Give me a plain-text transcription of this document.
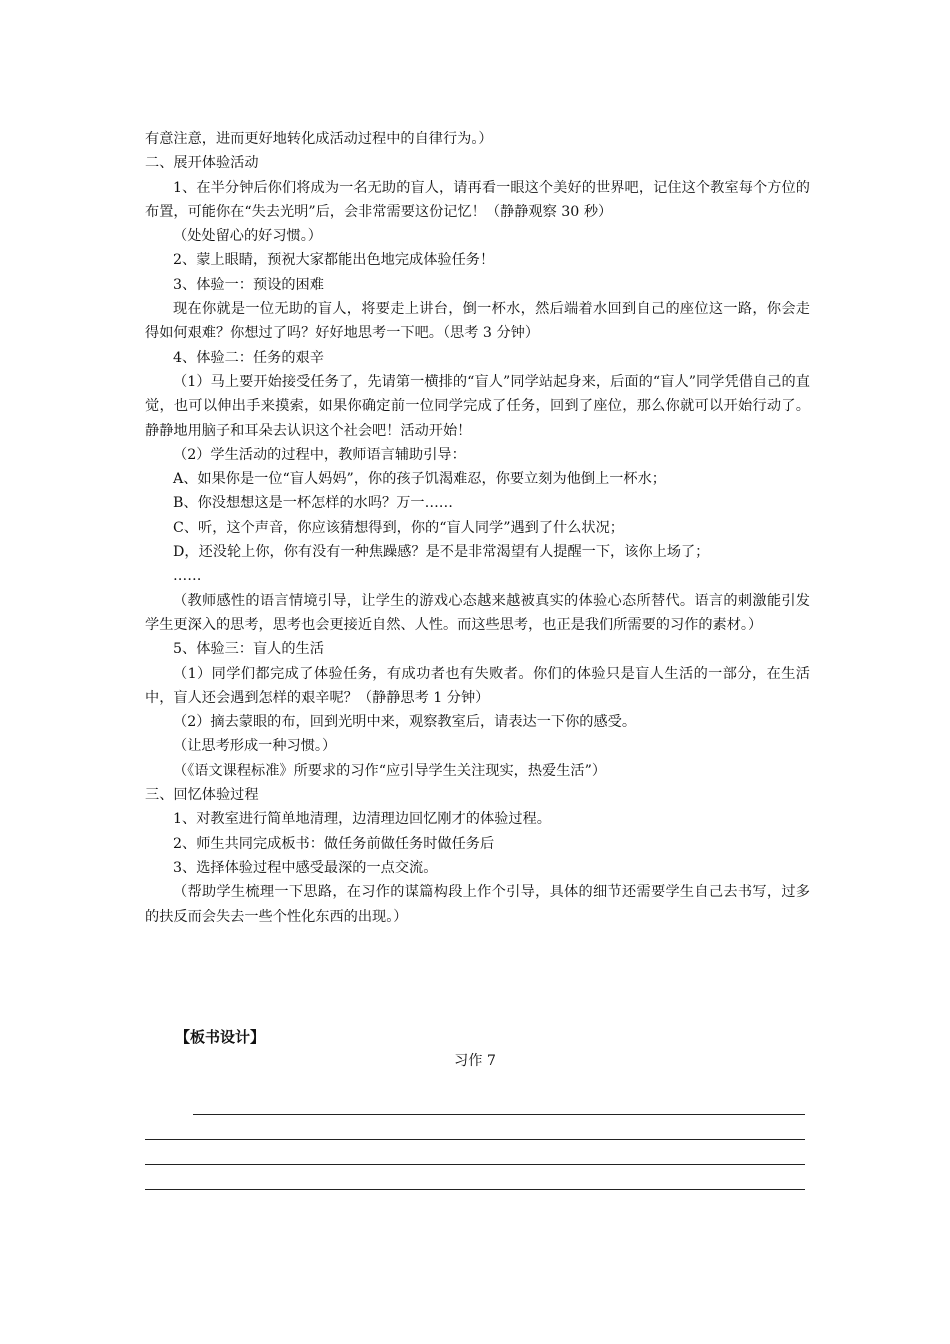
有意注意，进而更好地转化成活动过程中的自律行为。）

二、展开体验活动

1、在半分钟后你们将成为一名无助的盲人，请再看一眼这个美好的世界吧，记住这个教室每个方位的布置，可能你在“失去光明”后，会非常需要这份记忆！（静静观察 30 秒）

（处处留心的好习惯。）

2、蒙上眼睛，预祝大家都能出色地完成体验任务！

3、体验一：预设的困难

现在你就是一位无助的盲人，将要走上讲台，倒一杯水，然后端着水回到自己的座位这一路，你会走得如何艰难？你想过了吗？好好地思考一下吧。（思考 3 分钟）

4、体验二：任务的艰辛

（1）马上要开始接受任务了，先请第一横排的“盲人”同学站起身来，后面的“盲人”同学凭借自己的直觉，也可以伸出手来摸索，如果你确定前一位同学完成了任务，回到了座位，那么你就可以开始行动了。静静地用脑子和耳朵去认识这个社会吧！活动开始！

（2）学生活动的过程中，教师语言辅助引导：

A、如果你是一位“盲人妈妈”，你的孩子饥渴难忍，你要立刻为他倒上一杯水；

B、你没想想这是一杯怎样的水吗？万一……

C、听，这个声音，你应该猜想得到，你的“盲人同学”遇到了什么状况；

D，还没轮上你，你有没有一种焦躁感？是不是非常渴望有人提醒一下，该你上场了；

……

（教师感性的语言情境引导，让学生的游戏心态越来越被真实的体验心态所替代。语言的刺激能引发学生更深入的思考，思考也会更接近自然、人性。而这些思考，也正是我们所需要的习作的素材。）

5、体验三：盲人的生活

（1）同学们都完成了体验任务，有成功者也有失败者。你们的体验只是盲人生活的一部分，在生活中，盲人还会遇到怎样的艰辛呢？（静静思考 1 分钟）

（2）摘去蒙眼的布，回到光明中来，观察教室后，请表达一下你的感受。

（让思考形成一种习惯。）

（《语文课程标准》所要求的习作“应引导学生关注现实，热爱生活”）

三、回忆体验过程

1、对教室进行简单地清理，边清理边回忆刚才的体验过程。

2、师生共同完成板书：做任务前做任务时做任务后

3、选择体验过程中感受最深的一点交流。

（帮助学生梳理一下思路，在习作的谋篇构段上作个引导，具体的细节还需要学生自己去书写，过多的扶反而会失去一些个性化东西的出现。）

【板书设计】
习作 7
